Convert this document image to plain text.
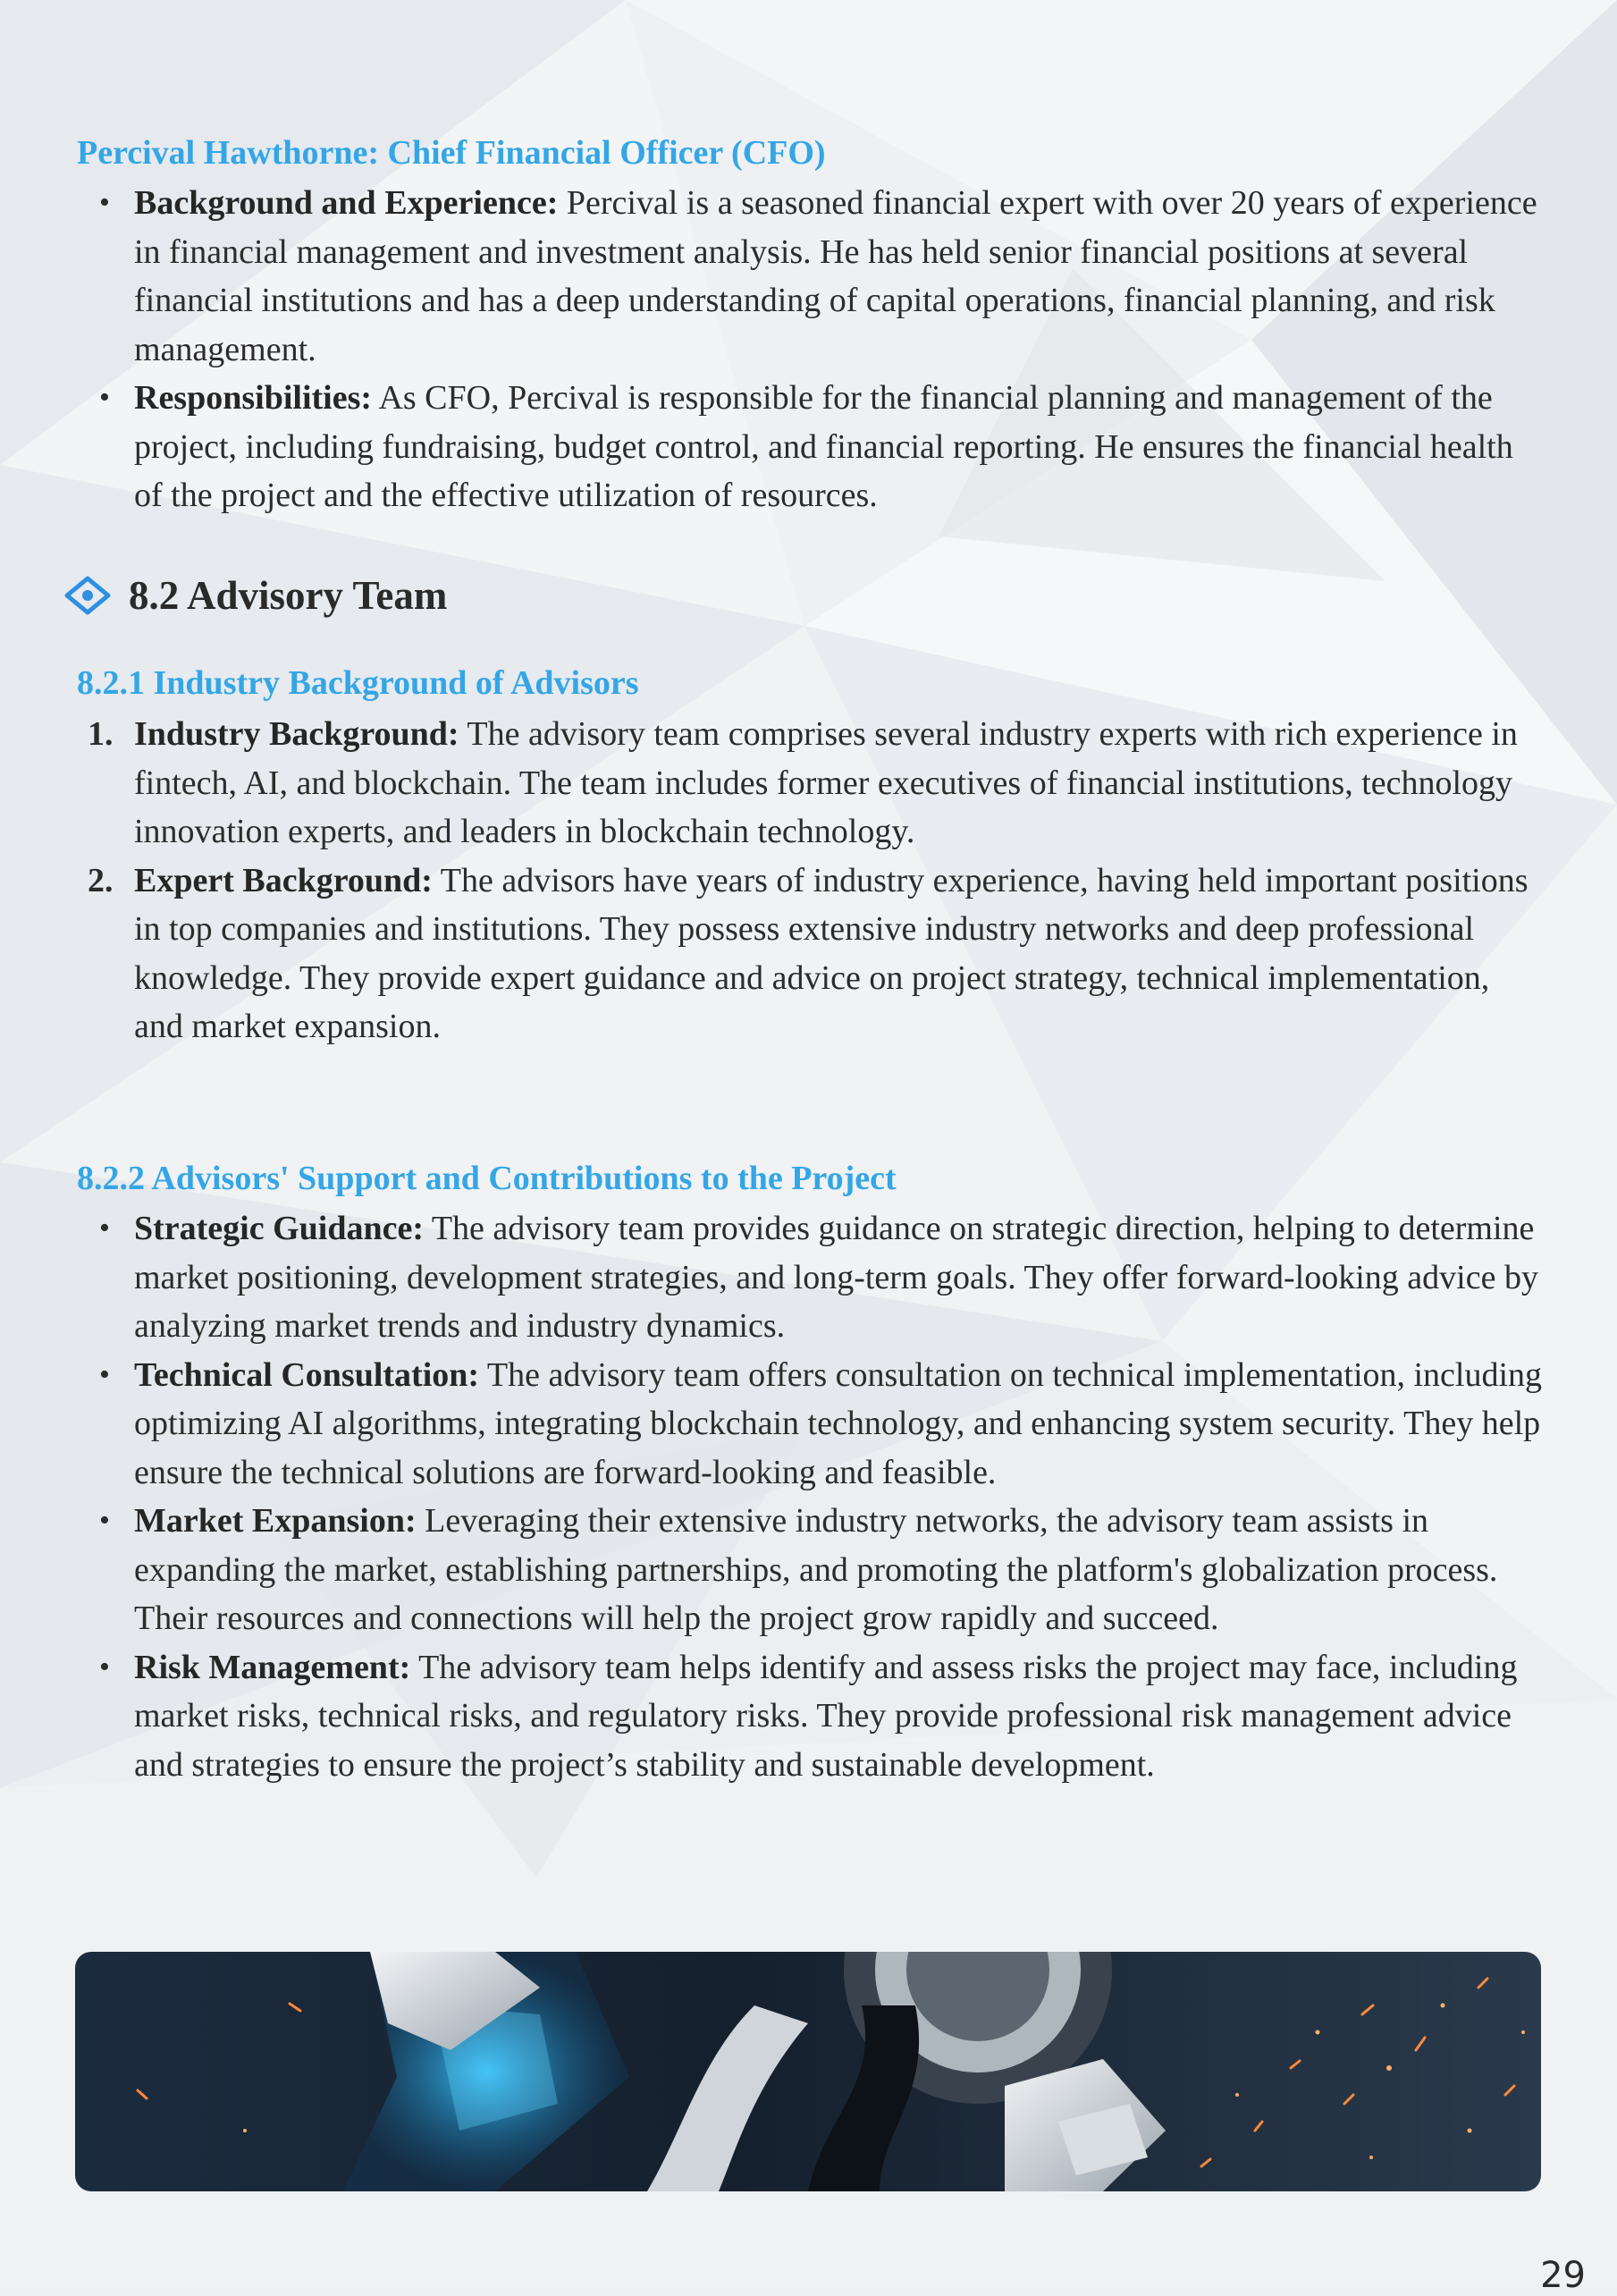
Percival Hawthorne: Chief Financial Officer (CFO)
• Background and Experience: Percival is a seasoned financial expert with over 20 years of experience in financial management and investment analysis. He has held senior financial positions at several financial institutions and has a deep understanding of capital operations, financial planning, and risk management.
• Responsibilities: As CFO, Percival is responsible for the financial planning and management of the project, including fundraising, budget control, and financial reporting. He ensures the financial health of the project and the effective utilization of resources.
8.2 Advisory Team
8.2.1 Industry Background of Advisors
1. Industry Background: The advisory team comprises several industry experts with rich experience in fintech, AI, and blockchain. The team includes former executives of financial institutions, technology innovation experts, and leaders in blockchain technology.
2. Expert Background: The advisors have years of industry experience, having held important positions in top companies and institutions. They possess extensive industry networks and deep professional knowledge. They provide expert guidance and advice on project strategy, technical implementation, and market expansion.
8.2.2 Advisors' Support and Contributions to the Project
• Strategic Guidance: The advisory team provides guidance on strategic direction, helping to determine market positioning, development strategies, and long-term goals. They offer forward-looking advice by analyzing market trends and industry dynamics.
• Technical Consultation: The advisory team offers consultation on technical implementation, including optimizing AI algorithms, integrating blockchain technology, and enhancing system security. They help ensure the technical solutions are forward-looking and feasible.
• Market Expansion: Leveraging their extensive industry networks, the advisory team assists in expanding the market, establishing partnerships, and promoting the platform's globalization process. Their resources and connections will help the project grow rapidly and succeed.
• Risk Management: The advisory team helps identify and assess risks the project may face, including market risks, technical risks, and regulatory risks. They provide professional risk management advice and strategies to ensure the project’s stability and sustainable development.
29
